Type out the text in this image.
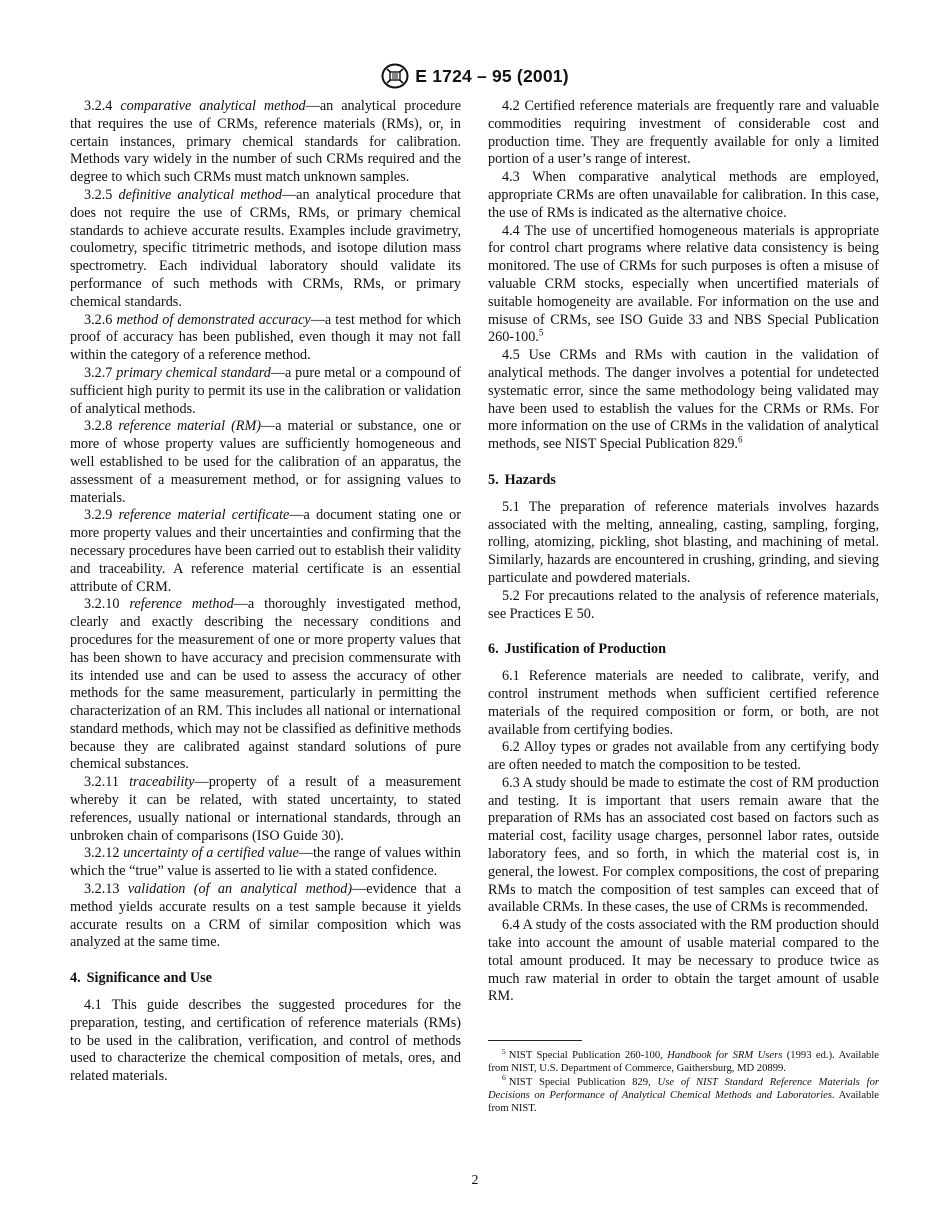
E 1724 – 95 (2001)

3.2.4 comparative analytical method—an analytical procedure that requires the use of CRMs, reference materials (RMs), or, in certain instances, primary chemical standards for calibration. Methods vary widely in the number of such CRMs required and the degree to which such CRMs must match unknown samples.

3.2.5 definitive analytical method—an analytical procedure that does not require the use of CRMs, RMs, or primary chemical standards to achieve accurate results. Examples include gravimetry, coulometry, specific titrimetric methods, and isotope dilution mass spectrometry. Each individual laboratory should validate its performance of such methods with CRMs, RMs, or primary chemical standards.

3.2.6 method of demonstrated accuracy—a test method for which proof of accuracy has been published, even though it may not fall within the category of a reference method.

3.2.7 primary chemical standard—a pure metal or a compound of sufficient high purity to permit its use in the calibration or validation of analytical methods.

3.2.8 reference material (RM)—a material or substance, one or more of whose property values are sufficiently homogeneous and well established to be used for the calibration of an apparatus, the assessment of a measurement method, or for assigning values to materials.

3.2.9 reference material certificate—a document stating one or more property values and their uncertainties and confirming that the necessary procedures have been carried out to establish their validity and traceability. A reference material certificate is an essential attribute of CRM.

3.2.10 reference method—a thoroughly investigated method, clearly and exactly describing the necessary conditions and procedures for the measurement of one or more property values that has been shown to have accuracy and precision commensurate with its intended use and can be used to assess the accuracy of other methods for the same measurement, particularly in permitting the characterization of an RM. This includes all national or international standard methods, which may not be classified as definitive methods because they are calibrated against standard solutions of pure chemical substances.

3.2.11 traceability—property of a result of a measurement whereby it can be related, with stated uncertainty, to stated references, usually national or international standards, through an unbroken chain of comparisons (ISO Guide 30).

3.2.12 uncertainty of a certified value—the range of values within which the “true” value is asserted to lie with a stated confidence.

3.2.13 validation (of an analytical method)—evidence that a method yields accurate results on a test sample because it yields accurate results on a CRM of similar composition which was analyzed at the same time.

4. Significance and Use

4.1 This guide describes the suggested procedures for the preparation, testing, and certification of reference materials (RMs) to be used in the calibration, verification, and control of methods used to characterize the chemical composition of metals, ores, and related materials.

4.2 Certified reference materials are frequently rare and valuable commodities requiring investment of considerable cost and production time. They are frequently available for only a limited portion of a user’s range of interest.

4.3 When comparative analytical methods are employed, appropriate CRMs are often unavailable for calibration. In this case, the use of RMs is indicated as the alternative choice.

4.4 The use of uncertified homogeneous materials is appropriate for control chart programs where relative data consistency is being monitored. The use of CRMs for such purposes is often a misuse of valuable CRM stocks, especially when uncertified materials of suitable homogeneity are available. For information on the use and misuse of CRMs, see ISO Guide 33 and NBS Special Publication 260-100.$^5$

4.5 Use CRMs and RMs with caution in the validation of analytical methods. The danger involves a potential for undetected systematic error, since the same methodology being validated may have been used to establish the values for the CRMs or RMs. For more information on the use of CRMs in the validation of analytical methods, see NIST Special Publication 829.$^6$

5. Hazards

5.1 The preparation of reference materials involves hazards associated with the melting, annealing, casting, sampling, forging, rolling, atomizing, pickling, shot blasting, and machining of metal. Similarly, hazards are encountered in crushing, grinding, and sieving particulate and powdered materials.

5.2 For precautions related to the analysis of reference materials, see Practices E 50.

6. Justification of Production

6.1 Reference materials are needed to calibrate, verify, and control instrument methods when sufficient certified reference materials of the required composition or form, or both, are not available from certifying bodies.

6.2 Alloy types or grades not available from any certifying body are often needed to match the composition to be tested.

6.3 A study should be made to estimate the cost of RM production and testing. It is important that users remain aware that the preparation of RMs has an associated cost based on factors such as material cost, facility usage charges, personnel labor rates, outside laboratory fees, and so forth, in which the material cost is, in general, the lowest. For complex compositions, the cost of preparing RMs to match the composition of test samples can exceed that of available CRMs. In these cases, the use of CRMs is recommended.

6.4 A study of the costs associated with the RM production should take into account the amount of usable material compared to the total amount produced. It may be necessary to produce twice as much raw material in order to obtain the target amount of usable RM.

$^5$ NIST Special Publication 260-100, Handbook for SRM Users (1993 ed.). Available from NIST, U.S. Department of Commerce, Gaithersburg, MD 20899.

$^6$ NIST Special Publication 829, Use of NIST Standard Reference Materials for Decisions on Performance of Analytical Chemical Methods and Laboratories. Available from NIST.

2
